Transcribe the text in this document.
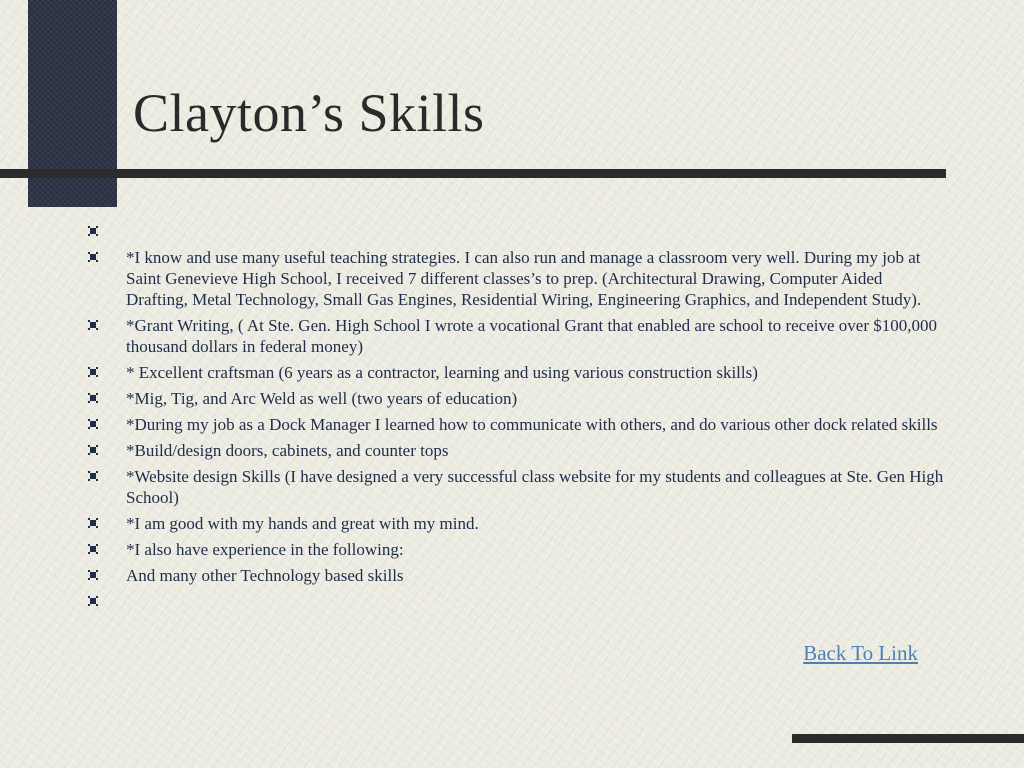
Clayton’s Skills
*I know and use many useful teaching strategies. I can also run and manage a classroom very well. During my job at Saint Genevieve High School, I received 7 different classes’s to prep. (Architectural Drawing, Computer Aided Drafting, Metal Technology, Small Gas Engines, Residential Wiring, Engineering Graphics, and Independent Study).
*Grant Writing, ( At Ste. Gen. High School I wrote a vocational Grant that enabled are school to receive over $100,000 thousand dollars in federal money)
* Excellent craftsman (6 years as a contractor, learning and using various construction skills)
*Mig, Tig, and Arc Weld as well (two years of education)
*During my job as a Dock Manager I learned how to communicate with others, and do various other dock related skills
*Build/design doors, cabinets, and counter tops
*Website design Skills (I have designed a very successful class website for my students and colleagues at Ste. Gen High School)
*I am good with my hands and great with my mind.
*I also have experience in the following:
And many other Technology based skills
Back To Link
